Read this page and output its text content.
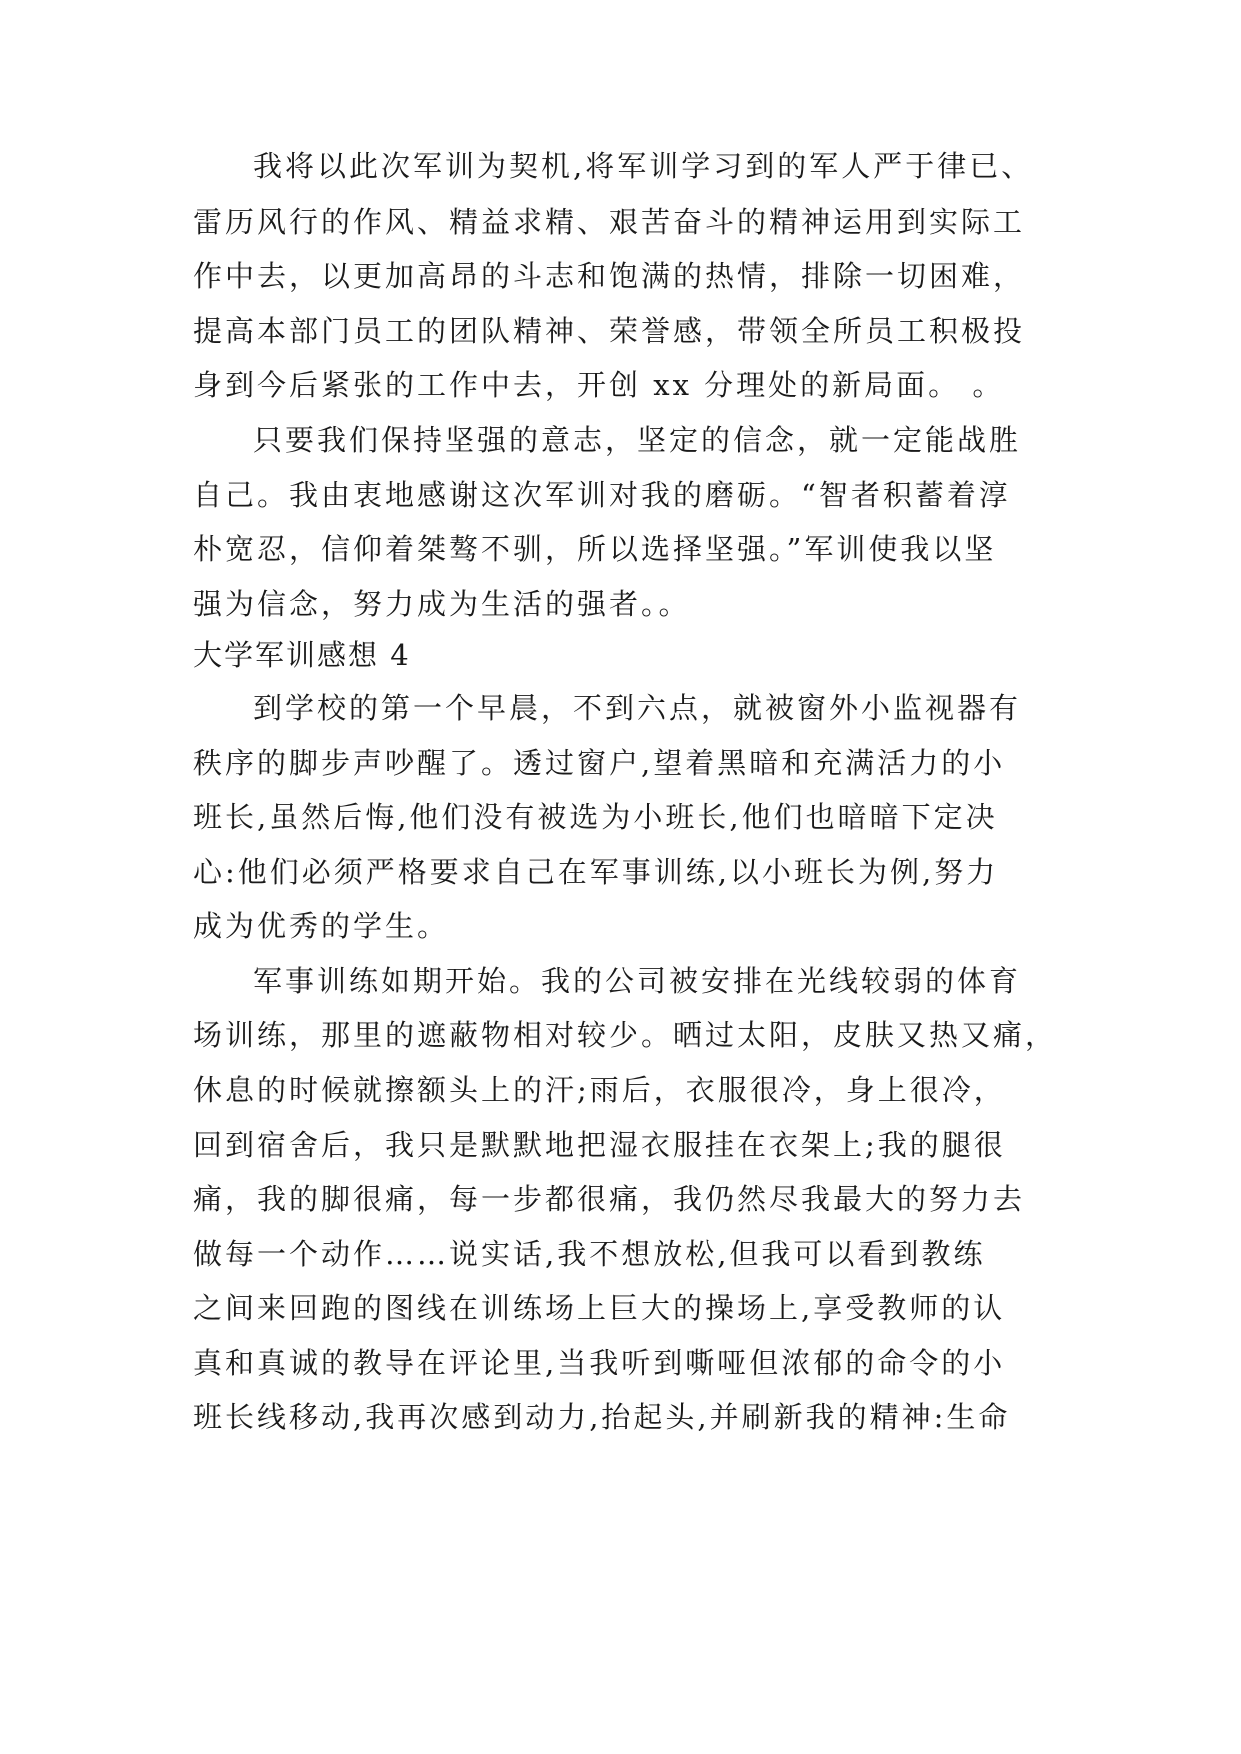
我将以此次军训为契机,将军训学习到的军人严于律已、
雷历风行的作风、精益求精、艰苦奋斗的精神运用到实际工
作中去，以更加高昂的斗志和饱满的热情，排除一切困难，
提高本部门员工的团队精神、荣誉感，带领全所员工积极投
身到今后紧张的工作中去，开创 xx 分理处的新局面。 。
只要我们保持坚强的意志，坚定的信念，就一定能战胜
自己。我由衷地感谢这次军训对我的磨砺。“智者积蓄着淳
朴宽忍，信仰着桀骜不驯，所以选择坚强。”军训使我以坚
强为信念，努力成为生活的强者。。
大学军训感想 4
到学校的第一个早晨，不到六点，就被窗外小监视器有
秩序的脚步声吵醒了。透过窗户,望着黑暗和充满活力的小
班长,虽然后悔,他们没有被选为小班长,他们也暗暗下定决
心:他们必须严格要求自己在军事训练,以小班长为例,努力
成为优秀的学生。
军事训练如期开始。我的公司被安排在光线较弱的体育
场训练，那里的遮蔽物相对较少。晒过太阳，皮肤又热又痛，
休息的时候就擦额头上的汗;雨后，衣服很冷，身上很冷，
回到宿舍后，我只是默默地把湿衣服挂在衣架上;我的腿很
痛，我的脚很痛，每一步都很痛，我仍然尽我最大的努力去
做每一个动作……说实话,我不想放松,但我可以看到教练
之间来回跑的图线在训练场上巨大的操场上,享受教师的认
真和真诚的教导在评论里,当我听到嘶哑但浓郁的命令的小
班长线移动,我再次感到动力,抬起头,并刷新我的精神:生命
